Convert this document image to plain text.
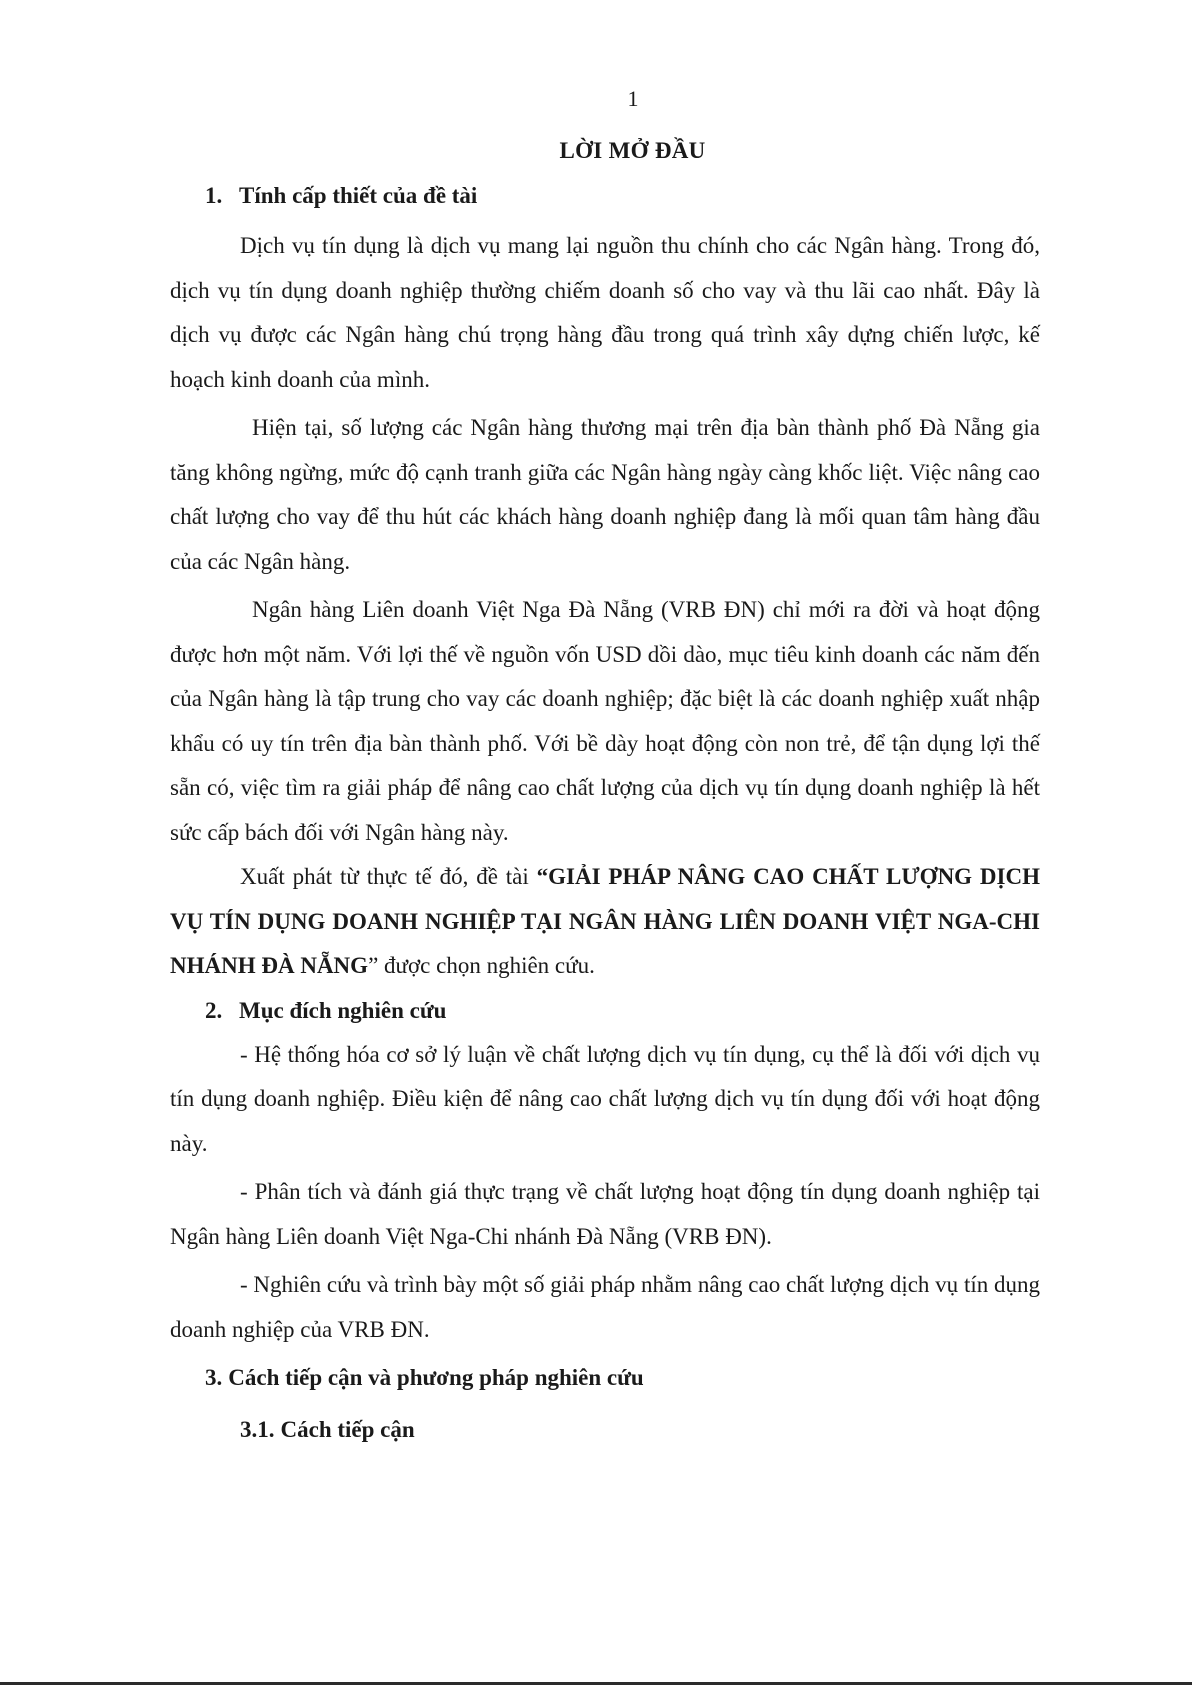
1
LỜI MỞ ĐẦU
1. Tính cấp thiết của đề tài

Dịch vụ tín dụng là dịch vụ mang lại nguồn thu chính cho các Ngân hàng. Trong đó, dịch vụ tín dụng doanh nghiệp thường chiếm doanh số cho vay và thu lãi cao nhất. Đây là dịch vụ được các Ngân hàng chú trọng hàng đầu trong quá trình xây dựng chiến lược, kế hoạch kinh doanh của mình.

Hiện tại, số lượng các Ngân hàng thương mại trên địa bàn thành phố Đà Nẵng gia tăng không ngừng, mức độ cạnh tranh giữa các Ngân hàng ngày càng khốc liệt. Việc nâng cao chất lượng cho vay để thu hút các khách hàng doanh nghiệp đang là mối quan tâm hàng đầu của các Ngân hàng.

Ngân hàng Liên doanh Việt Nga Đà Nẵng (VRB ĐN) chỉ mới ra đời và hoạt động được hơn một năm. Với lợi thế về nguồn vốn USD dồi dào, mục tiêu kinh doanh các năm đến của Ngân hàng là tập trung cho vay các doanh nghiệp; đặc biệt là các doanh nghiệp xuất nhập khẩu có uy tín trên địa bàn thành phố. Với bề dày hoạt động còn non trẻ, để tận dụng lợi thế sẵn có, việc tìm ra giải pháp để nâng cao chất lượng của dịch vụ tín dụng doanh nghiệp là hết sức cấp bách đối với Ngân hàng này.

Xuất phát từ thực tế đó, đề tài “GIẢI PHÁP NÂNG CAO CHẤT LƯỢNG DỊCH VỤ TÍN DỤNG DOANH NGHIỆP TẠI NGÂN HÀNG LIÊN DOANH VIỆT NGA-CHI NHÁNH ĐÀ NẴNG” được chọn nghiên cứu.

2. Mục đích nghiên cứu

- Hệ thống hóa cơ sở lý luận về chất lượng dịch vụ tín dụng, cụ thể là đối với dịch vụ tín dụng doanh nghiệp. Điều kiện để nâng cao chất lượng dịch vụ tín dụng đối với hoạt động này.

- Phân tích và đánh giá thực trạng về chất lượng hoạt động tín dụng doanh nghiệp tại Ngân hàng Liên doanh Việt Nga-Chi nhánh Đà Nẵng (VRB ĐN).

- Nghiên cứu và trình bày một số giải pháp nhằm nâng cao chất lượng dịch vụ tín dụng doanh nghiệp của VRB ĐN.

3. Cách tiếp cận và phương pháp nghiên cứu
3.1. Cách tiếp cận
